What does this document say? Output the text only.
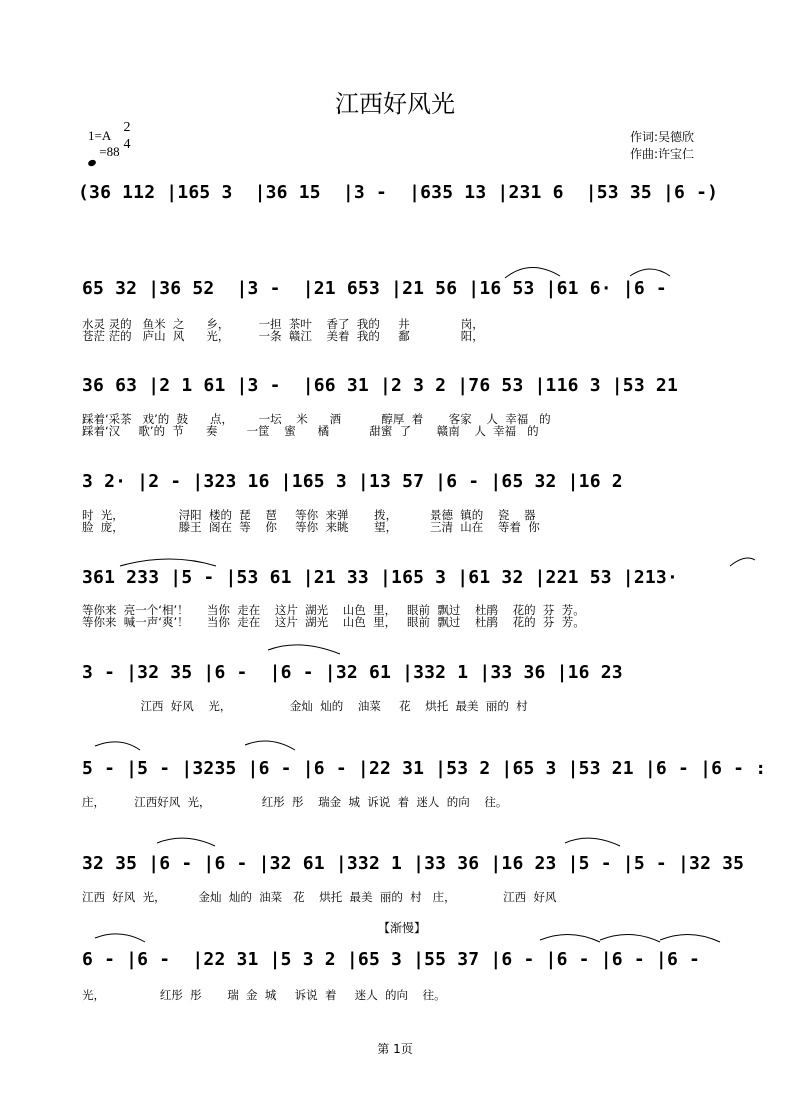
江西好风光
1=A
2
4
=88
作词:吴德欣
作曲:许宝仁
(36 112 |165 3  |36 15  |3 -  |635 13 |231 6  |53 35 |6 -)
65 32 |36 52  |3 -  |21 653 |21 56 |16 53 |61 6· |6 -
水灵 灵的   鱼米  之      乡，        一担  茶叶    香了  我的     井              岗，
苍茫 茫的   庐山  风      光，        一条  赣江    美着  我的     鄱              阳，
36 63 |2 1 61 |3 -  |66 31 |2 3 2 |76 53 |116 3 |53 21
踩着‘采茶   戏’的  鼓      点，       一坛    米      酒           醇厚  着       客家    人  幸福   的
踩着‘汉     歌’的  节      奏        一筐    蜜      橘           甜蜜  了       赣南    人  幸福   的
3 2· |2 - |323 16 |165 3 |13 57 |6 - |65 32 |16 2
时  光，               浔阳  楼的  琵    琶     等你  来弹       拨，         景德  镇的    瓷    器
脸  庞，               滕王  阁在  等    你     等你  来眺       望，         三清  山在    等着  你
361 233 |5 - |53 61 |21 33 |165 3 |61 32 |221 53 |213·
等你来  亮一个‘相’！     当你  走在    这片  湖光    山色  里，   眼前  飘过    杜鹃    花的  芬  芳。
等你来  喊一声‘爽’！     当你  走在    这片  湖光    山色  里，   眼前  飘过    杜鹃    花的  芬  芳。
3 - |32 35 |6 -  |6 - |32 61 |332 1 |33 36 |16 23
江西  好风    光，                金灿  灿的    油菜     花    烘托  最美  丽的  村
5 - |5 - |3235 |6 - |6 - |22 31 |53 2 |65 3 |53 21 |6 - |6 - :
庄，        江西好风  光，              红彤  彤    瑞金  城  诉说  着  迷人  的向    往。
32 35 |6 - |6 - |32 61 |332 1 |33 36 |16 23 |5 - |5 - |32 35
江西  好风  光，         金灿  灿的  油菜   花    烘托  最美  丽的  村   庄，             江西  好风
【渐慢】
6 - |6 -  |22 31 |5 3 2 |65 3 |55 37 |6 - |6 - |6 - |6 -
光，               红彤  彤       瑞  金  城     诉说  着     迷人  的向    往。
第 1页
